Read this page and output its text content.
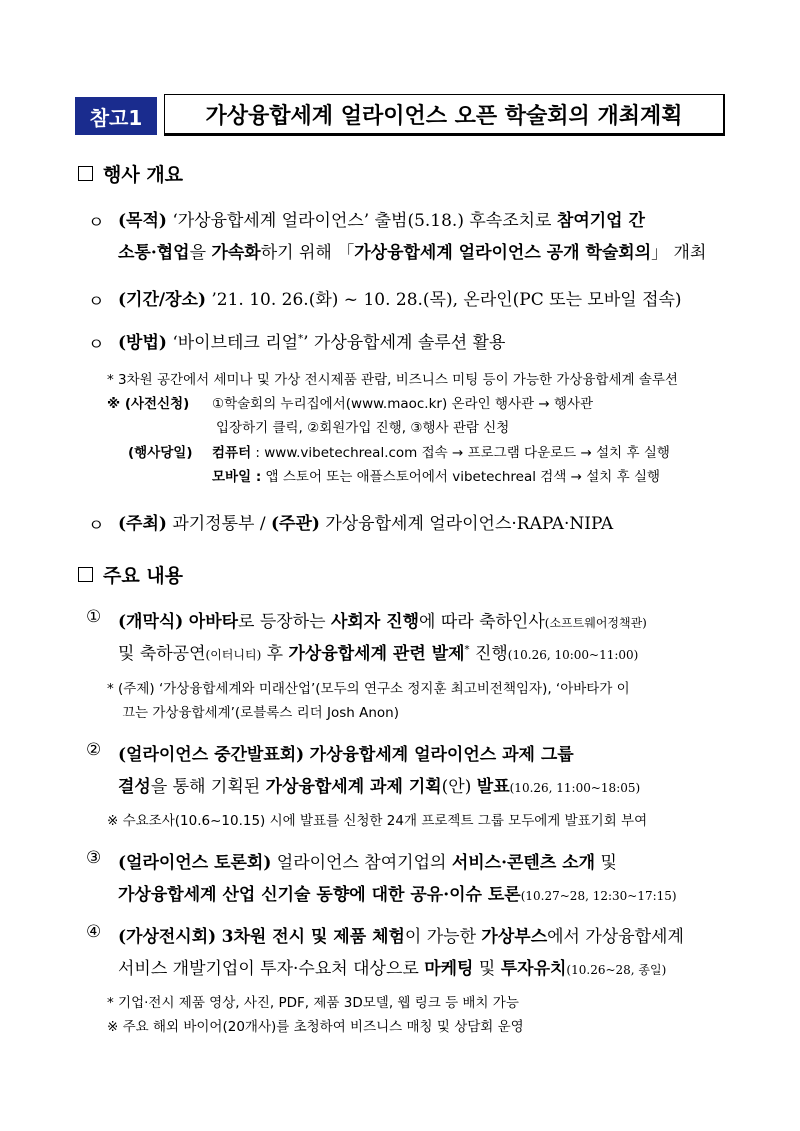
참고1	가상융합세계 얼라이언스 오픈 학술회의 개최계획
행사 개요
ㅇ (목적) ‘가상융합세계 얼라이언스’ 출범(5.18.) 후속조치로 참여기업 간
소통·협업을 가속화하기 위해 「가상융합세계 얼라이언스 공개 학술회의」 개최
ㅇ (기간/장소) ’21. 10. 26.(화) ~ 10. 28.(목), 온라인(PC 또는 모바일 접속)
ㅇ (방법) ‘바이브테크 리얼*’ 가상융합세계 솔루션 활용
* 3차원 공간에서 세미나 및 가상 전시제품 관람, 비즈니스 미팅 등이 가능한 가상융합세계 솔루션
※ (사전신청) ①학술회의 누리집에서(www.maoc.kr) 온라인 행사관 → 행사관
입장하기 클릭, ②회원가입 진행, ③행사 관람 신청
(행사당일) 컴퓨터 : www.vibetechreal.com 접속 → 프로그램 다운로드 → 설치 후 실행
모바일 : 앱 스토어 또는 애플스토어에서 vibetechreal 검색 → 설치 후 실행
ㅇ (주최) 과기정통부 / (주관) 가상융합세계 얼라이언스·RAPA·NIPA
주요 내용
① (개막식) 아바타로 등장하는 사회자 진행에 따라 축하인사(소프트웨어정책관)
및 축하공연(이터니티) 후 가상융합세계 관련 발제* 진행(10.26, 10:00~11:00)
* (주제) ‘가상융합세계와 미래산업’(모두의 연구소 정지훈 최고비전책임자), ‘아바타가 이
끄는 가상융합세계’(로블록스 리더 Josh Anon)
② (얼라이언스 중간발표회) 가상융합세계 얼라이언스 과제 그룹
결성을 통해 기획된 가상융합세계 과제 기획(안) 발표(10.26, 11:00~18:05)
※ 수요조사(10.6~10.15) 시에 발표를 신청한 24개 프로젝트 그룹 모두에게 발표기회 부여
③ (얼라이언스 토론회) 얼라이언스 참여기업의 서비스·콘텐츠 소개 및
가상융합세계 산업 신기술 동향에 대한 공유·이슈 토론(10.27~28, 12:30~17:15)
④ (가상전시회) 3차원 전시 및 제품 체험이 가능한 가상부스에서 가상융합세계
서비스 개발기업이 투자·수요처 대상으로 마케팅 및 투자유치(10.26~28, 종일)
* 기업·전시 제품 영상, 사진, PDF, 제품 3D모델, 웹 링크 등 배치 가능
※ 주요 해외 바이어(20개사)를 초청하여 비즈니스 매칭 및 상담회 운영
